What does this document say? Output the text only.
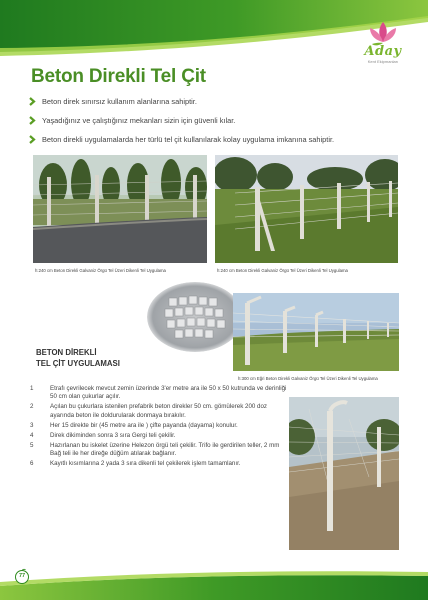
Aday
Kent Ekipmanları
Beton Direkli Tel Çit
Beton direk sınırsız kullanım alanlarına sahiptir.
Yaşadığınız ve çalıştığınız mekanları sizin için güvenli kılar.
Beton direkli uygulamalarda her türlü tel çit kullanılarak kolay uygulama imkanına sahiptir.
h:240 cm Beton Direkli Galvaniz Örgü Tel Üzeri Dikenli Tel Uygulama	h:240 cm Beton Direkli Galvaniz Örgü Tel Üzeri Dikenli Tel Uygulama
h:300 cm Eğri Beton Direkli Galvaniz Örgü Tel Üzeri Dikenli Tel Uygulama
BETON DİREKLİ
TEL ÇİT UYGULAMASI
1	Etrafı çevrilecek mevcut zemin üzerinde 3'er metre ara ile 50 x 50 kutrunda ve derinliği 50 cm olan çukurlar açılır.
2	Açılan bu çukurlara istenilen prefabrik beton direkler 50 cm. gömülerek 200 doz ayarında beton ile doldurularak donmaya bırakılır.
3	Her 15 direkte bir (45 metre ara ile ) çifte payanda (dayama) konulur.
4	Direk dikiminden sonra 3 sıra Gergi teli çekilir.
5	Hazırlanan bu iskelet üzerine Helezon örgü teli çekilir. Trifo ile gerdirilen teller, 2 mm Bağ teli ile her direğe düğüm atılarak bağlanır.
6	Kayıtlı kısımlarına 2 yada 3 sıra dikenli tel çekilerek işlem tamamlanır.
77
